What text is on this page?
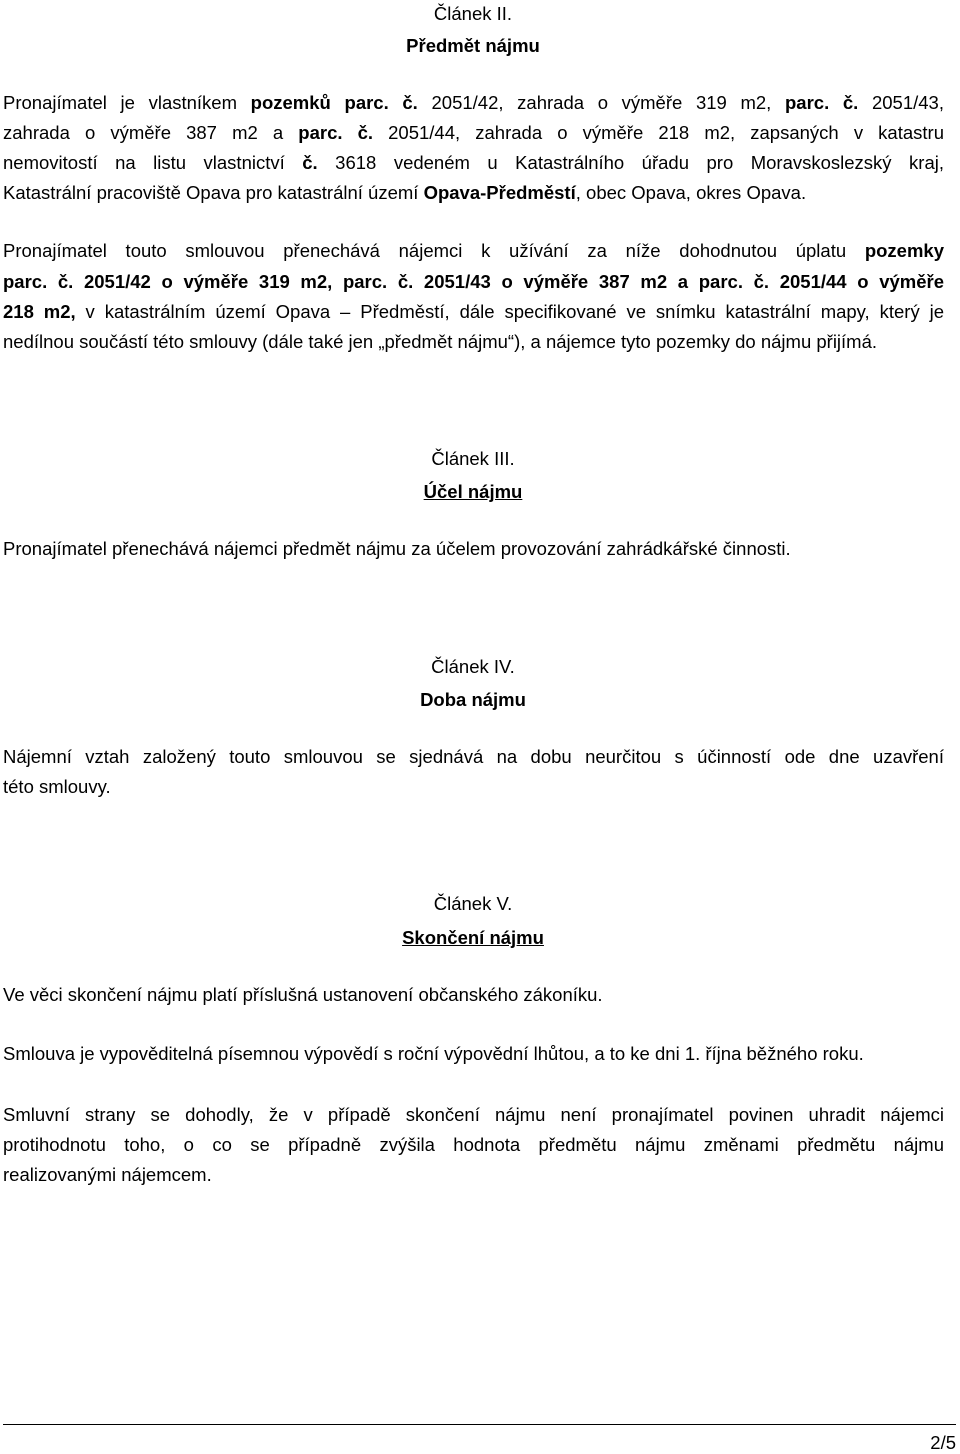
Článek II.
Předmět nájmu
Pronajímatel je vlastníkem pozemků parc. č. 2051/42, zahrada o výměře 319 m2, parc. č. 2051/43,
zahrada o výměře 387 m2 a parc. č. 2051/44, zahrada o výměře 218 m2, zapsaných v katastru
nemovitostí na listu vlastnictví č. 3618 vedeném u Katastrálního úřadu pro Moravskoslezský kraj,
Katastrální pracoviště Opava pro katastrální území Opava-Předměstí, obec Opava, okres Opava.
Pronajímatel touto smlouvou přenechává nájemci k užívání za níže dohodnutou úplatu pozemky
parc. č. 2051/42 o výměře 319 m2, parc. č. 2051/43 o výměře 387 m2 a parc. č. 2051/44 o výměře
218 m2, v katastrálním území Opava – Předměstí, dále specifikované ve snímku katastrální mapy, který je
nedílnou součástí této smlouvy (dále také jen „předmět nájmu“), a nájemce tyto pozemky do nájmu přijímá.
Článek III.
Účel nájmu
Pronajímatel přenechává nájemci předmět nájmu za účelem provozování zahrádkářské činnosti.
Článek IV.
Doba nájmu
Nájemní vztah založený touto smlouvou se sjednává na dobu neurčitou s účinností ode dne uzavření
této smlouvy.
Článek V.
Skončení nájmu
Ve věci skončení nájmu platí příslušná ustanovení občanského zákoníku.
Smlouva je vypověditelná písemnou výpovědí s roční výpovědní lhůtou, a to ke dni 1. října běžného roku.
Smluvní strany se dohodly, že v případě skončení nájmu není pronajímatel povinen uhradit nájemci
protihodnotu toho, o co se případně zvýšila hodnota předmětu nájmu změnami předmětu nájmu
realizovanými nájemcem.
2/5
